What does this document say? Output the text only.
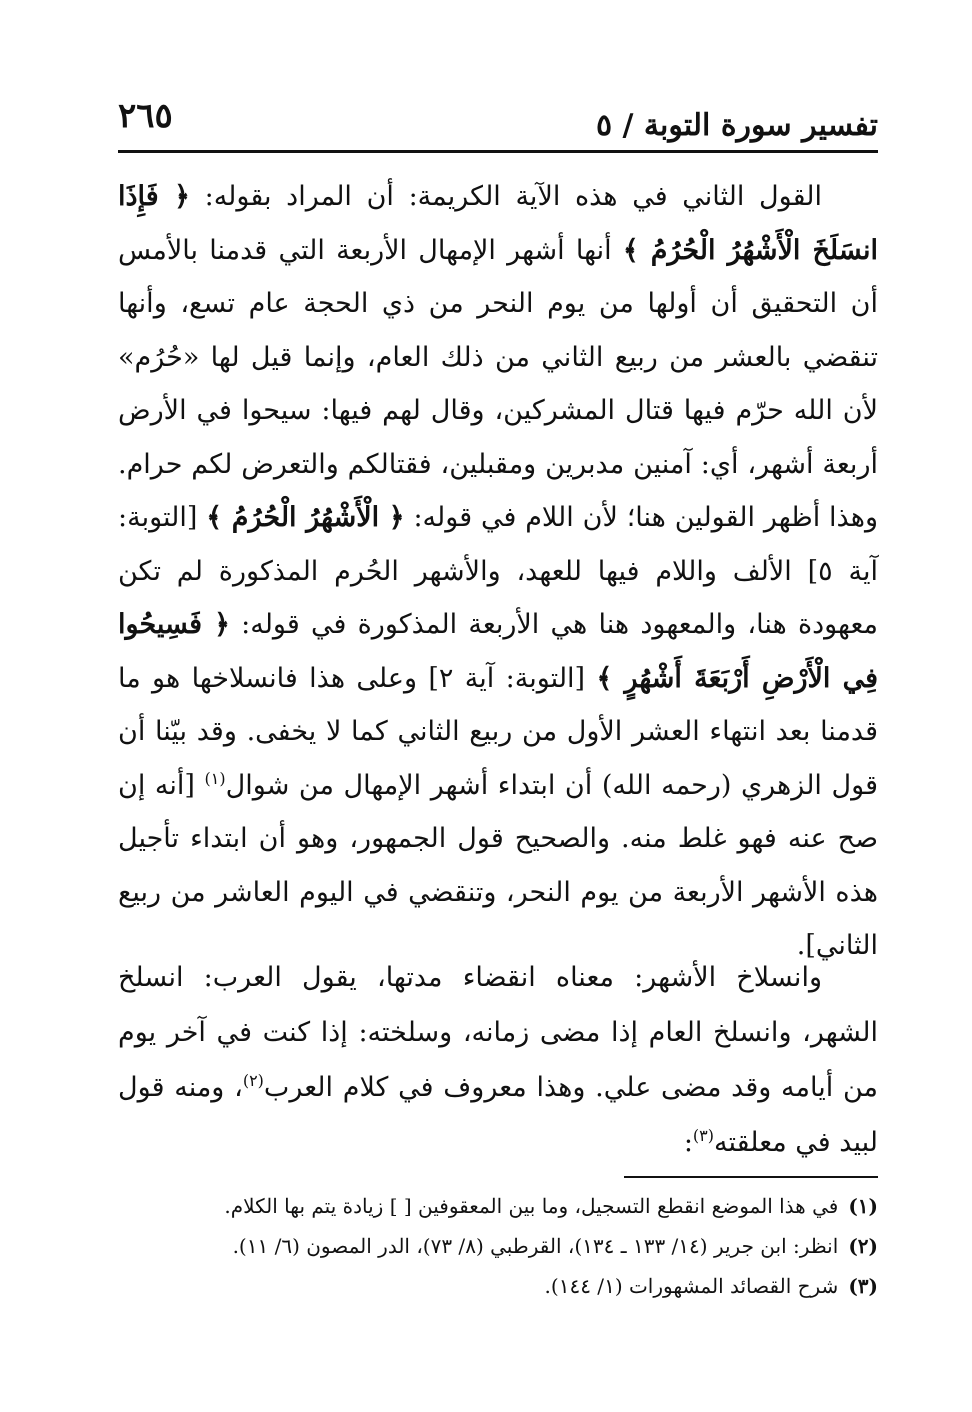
تفسير سورة التوبة / ٥
٢٦٥

القول الثاني في هذه الآية الكريمة: أن المراد بقوله: ﴿ فَإِذَا انسَلَخَ الْأَشْهُرُ الْحُرُمُ ﴾ أنها أشهر الإمهال الأربعة التي قدمنا بالأمس أن التحقيق أن أولها من يوم النحر من ذي الحجة عام تسع، وأنها تنقضي بالعشر من ربيع الثاني من ذلك العام، وإنما قيل لها «حُرُم» لأن الله حرّم فيها قتال المشركين، وقال لهم فيها: سيحوا في الأرض أربعة أشهر، أي: آمنين مدبرين ومقبلين، فقتالكم والتعرض لكم حرام. وهذا أظهر القولين هنا؛ لأن اللام في قوله: ﴿ الْأَشْهُرُ الْحُرُمُ ﴾ [التوبة: آية ٥] الألف واللام فيها للعهد، والأشهر الحُرم المذكورة لم تكن معهودة هنا، والمعهود هنا هي الأربعة المذكورة في قوله: ﴿ فَسِيحُوا فِي الْأَرْضِ أَرْبَعَةَ أَشْهُرٍ ﴾ [التوبة: آية ٢] وعلى هذا فانسلاخها هو ما قدمنا بعد انتهاء العشر الأول من ربيع الثاني كما لا يخفى. وقد بيّنا أن قول الزهري (رحمه الله) أن ابتداء أشهر الإمهال من شوال$^{(١)}$ [أنه إن صح عنه فهو غلط منه. والصحيح قول الجمهور، وهو أن ابتداء تأجيل هذه الأشهر الأربعة من يوم النحر، وتنقضي في اليوم العاشر من ربيع الثاني].

وانسلاخ الأشهر: معناه انقضاء مدتها، يقول العرب: انسلخ الشهر، وانسلخ العام إذا مضى زمانه، وسلخته: إذا كنت في آخر يوم من أيامه وقد مضى علي. وهذا معروف في كلام العرب$^{(٢)}$، ومنه قول لبيد في معلقته$^{(٣)}$:

(١)في هذا الموضع انقطع التسجيل، وما بين المعقوفين [ ] زيادة يتم بها الكلام.

(٢)انظر: ابن جرير (١٤/ ١٣٣ ـ ١٣٤)، القرطبي (٨/ ٧٣)، الدر المصون (٦/ ١١).

(٣)شرح القصائد المشهورات (١/ ١٤٤).
